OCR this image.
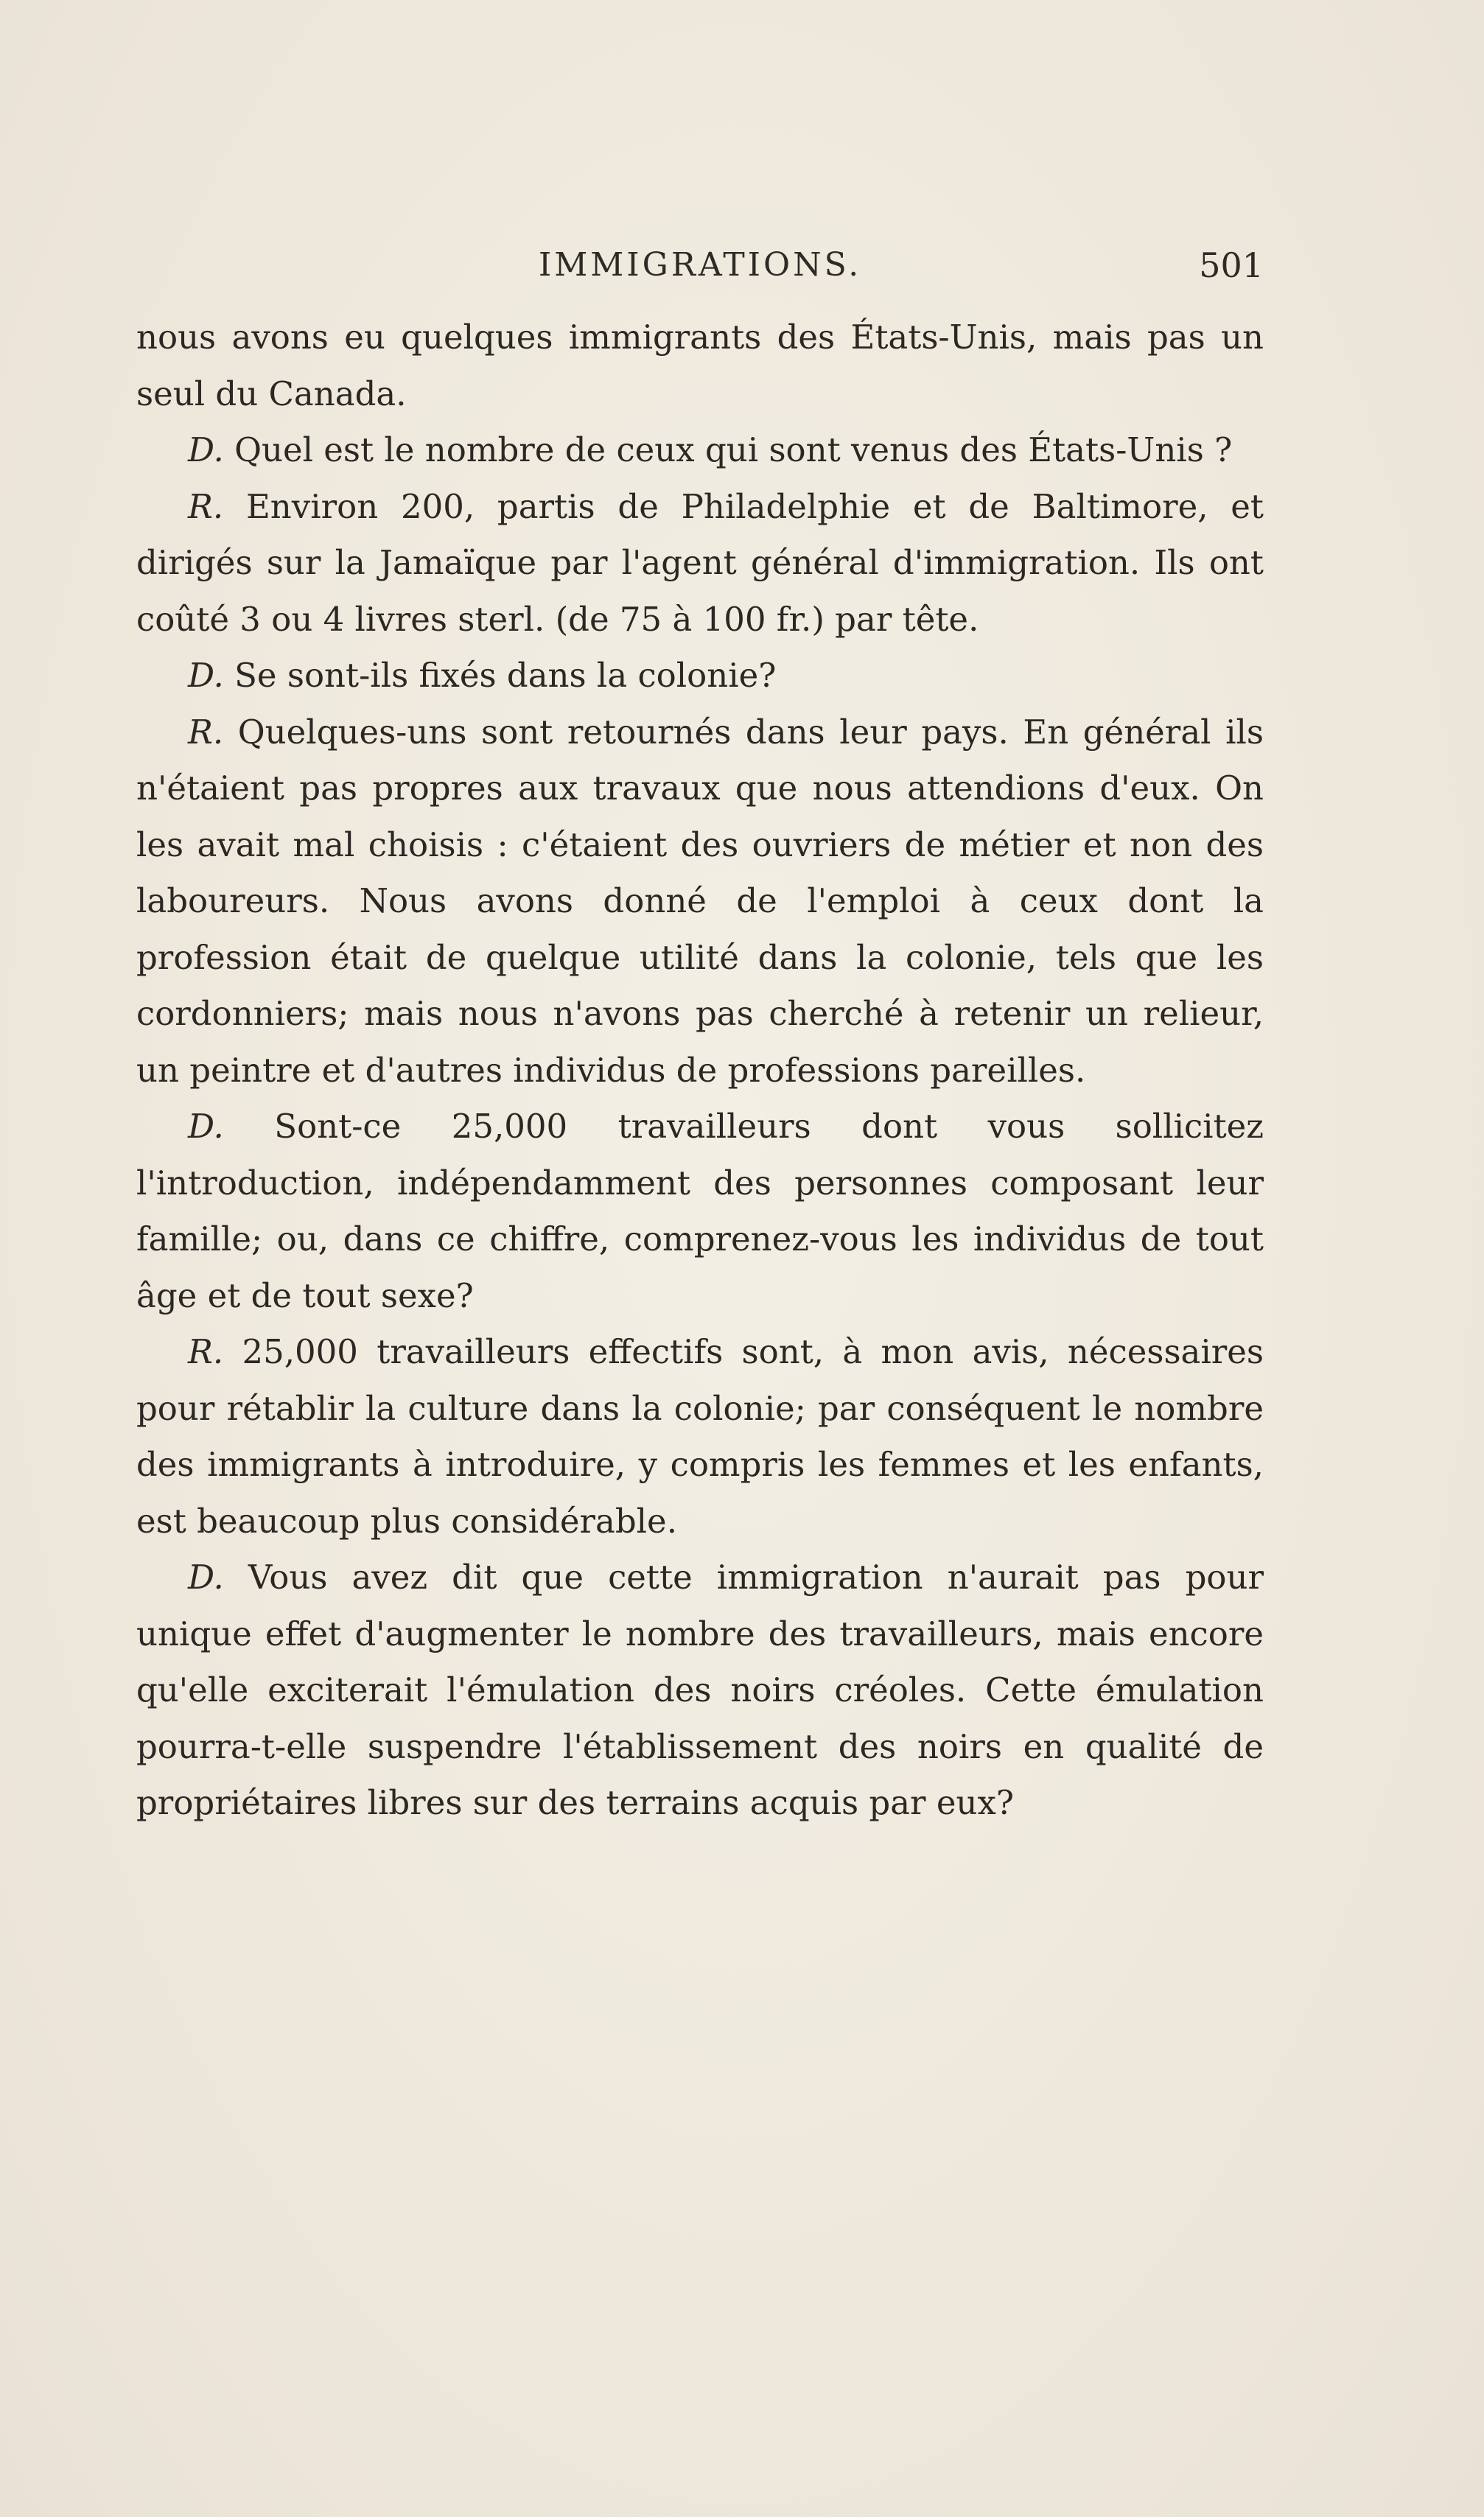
IMMIGRATIONS.	501

nous avons eu quelques immigrants des États-Unis, mais pas un seul du Canada.

D. Quel est le nombre de ceux qui sont venus des États-Unis ?

R. Environ 200, partis de Philadelphie et de Baltimore, et dirigés sur la Jamaïque par l'agent général d'immigration. Ils ont coûté 3 ou 4 livres sterl. (de 75 à 100 fr.) par tête.

D. Se sont-ils fixés dans la colonie?

R. Quelques-uns sont retournés dans leur pays. En général ils n'étaient pas propres aux travaux que nous attendions d'eux. On les avait mal choisis : c'étaient des ouvriers de métier et non des laboureurs. Nous avons donné de l'emploi à ceux dont la profession était de quelque utilité dans la colonie, tels que les cordonniers; mais nous n'avons pas cherché à retenir un relieur, un peintre et d'autres individus de professions pareilles.

D. Sont-ce 25,000 travailleurs dont vous sollicitez l'introduction, indépendamment des personnes composant leur famille; ou, dans ce chiffre, comprenez-vous les individus de tout âge et de tout sexe?

R. 25,000 travailleurs effectifs sont, à mon avis, nécessaires pour rétablir la culture dans la colonie; par conséquent le nombre des immigrants à introduire, y compris les femmes et les enfants, est beaucoup plus considérable.

D. Vous avez dit que cette immigration n'aurait pas pour unique effet d'augmenter le nombre des travailleurs, mais encore qu'elle exciterait l'émulation des noirs créoles. Cette émulation pourra-t-elle suspendre l'établissement des noirs en qualité de propriétaires libres sur des terrains acquis par eux?
